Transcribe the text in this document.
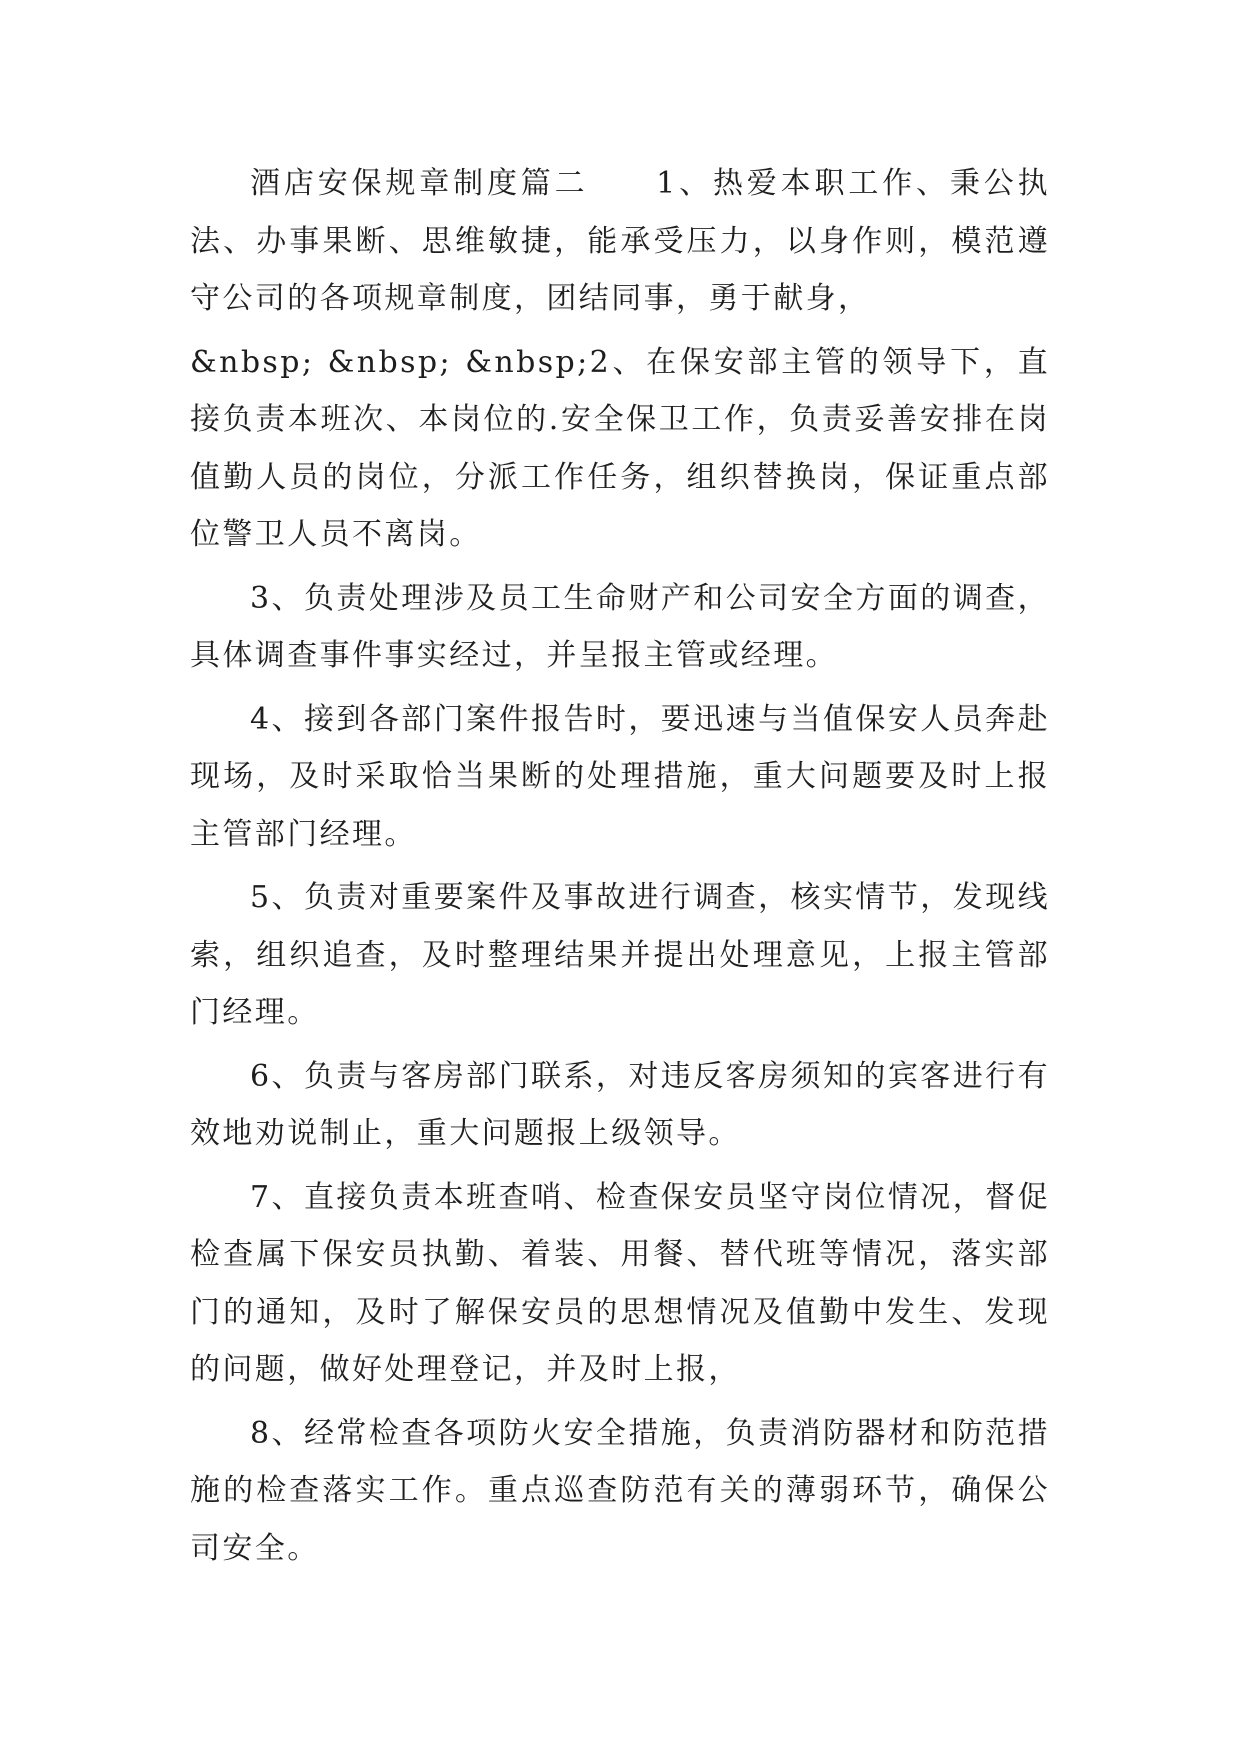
酒店安保规章制度篇二　　1、热爱本职工作、秉公执法、办事果断、思维敏捷，能承受压力，以身作则，模范遵守公司的各项规章制度，团结同事，勇于献身，

&nbsp; &nbsp; &nbsp;2、在保安部主管的领导下，直接负责本班次、本岗位的.安全保卫工作，负责妥善安排在岗值勤人员的岗位，分派工作任务，组织替换岗，保证重点部位警卫人员不离岗。

3、负责处理涉及员工生命财产和公司安全方面的调查，具体调查事件事实经过，并呈报主管或经理。

4、接到各部门案件报告时，要迅速与当值保安人员奔赴现场，及时采取恰当果断的处理措施，重大问题要及时上报主管部门经理。

5、负责对重要案件及事故进行调查，核实情节，发现线索，组织追查，及时整理结果并提出处理意见，上报主管部门经理。

6、负责与客房部门联系，对违反客房须知的宾客进行有效地劝说制止，重大问题报上级领导。

7、直接负责本班查哨、检查保安员坚守岗位情况，督促检查属下保安员执勤、着装、用餐、替代班等情况，落实部门的通知，及时了解保安员的思想情况及值勤中发生、发现的问题，做好处理登记，并及时上报，

8、经常检查各项防火安全措施，负责消防器材和防范措施的检查落实工作。重点巡查防范有关的薄弱环节，确保公司安全。
